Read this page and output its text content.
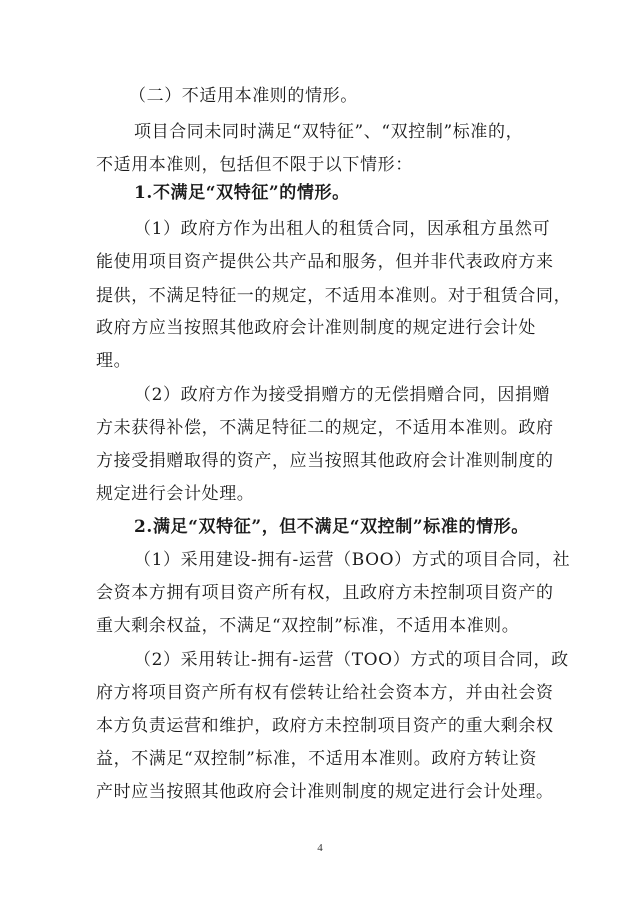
（二）不适用本准则的情形。
项目合同未同时满足“双特征”、“双控制”标准的，
不适用本准则，包括但不限于以下情形：
1.不满足“双特征”的情形。
（1）政府方作为出租人的租赁合同，因承租方虽然可
能使用项目资产提供公共产品和服务，但并非代表政府方来
提供，不满足特征一的规定，不适用本准则。对于租赁合同，
政府方应当按照其他政府会计准则制度的规定进行会计处
理。
（2）政府方作为接受捐赠方的无偿捐赠合同，因捐赠
方未获得补偿，不满足特征二的规定，不适用本准则。政府
方接受捐赠取得的资产，应当按照其他政府会计准则制度的
规定进行会计处理。
2.满足“双特征”，但不满足“双控制”标准的情形。
（1）采用建设-拥有-运营（BOO）方式的项目合同，社
会资本方拥有项目资产所有权，且政府方未控制项目资产的
重大剩余权益，不满足“双控制”标准，不适用本准则。
（2）采用转让-拥有-运营（TOO）方式的项目合同，政
府方将项目资产所有权有偿转让给社会资本方，并由社会资
本方负责运营和维护，政府方未控制项目资产的重大剩余权
益，不满足“双控制”标准，不适用本准则。政府方转让资
产时应当按照其他政府会计准则制度的规定进行会计处理。
4
